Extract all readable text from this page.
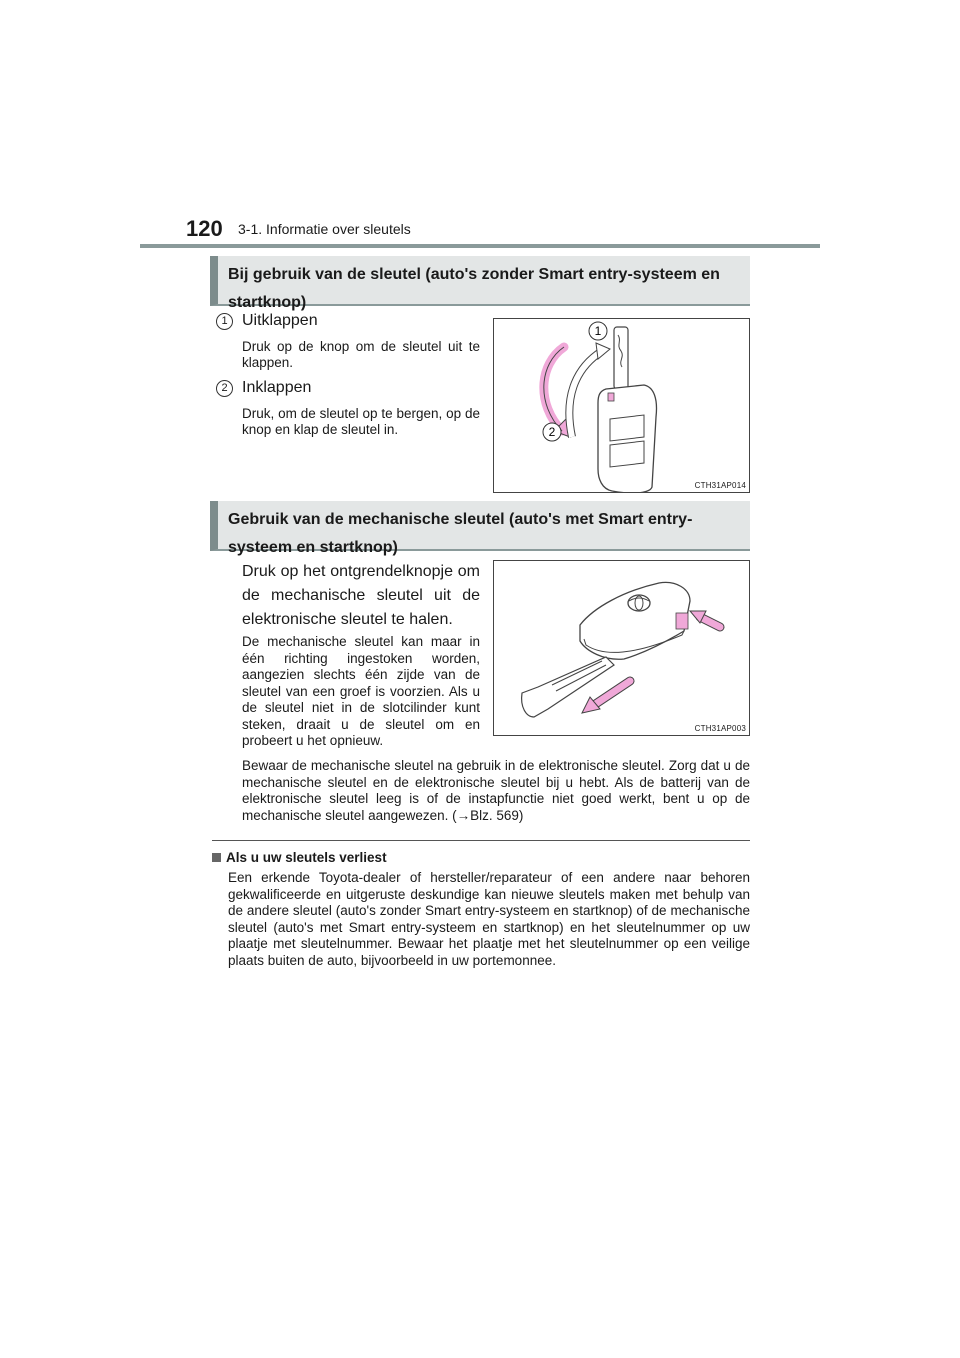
120 3-1. Informatie over sleutels
Bij gebruik van de sleutel (auto's zonder Smart entry-systeem en startknop)
1 Uitklappen
Druk op de knop om de sleutel uit te klappen.
2 Inklappen
Druk, om de sleutel op te bergen, op de knop en klap de sleutel in.
1
2
CTH31AP014
Gebruik van de mechanische sleutel (auto's met Smart entry-systeem en startknop)
Druk op het ontgrendelknopje om de mechanische sleutel uit de elektronische sleutel te halen.
De mechanische sleutel kan maar in één richting ingestoken worden, aangezien slechts één zijde van de sleutel van een groef is voorzien. Als u de sleutel niet in de slotcilinder kunt steken, draait u de sleutel om en probeert u het opnieuw.
Bewaar de mechanische sleutel na gebruik in de elektronische sleutel. Zorg dat u de mechanische sleutel en de elektronische sleutel bij u hebt. Als de batterij van de elektronische sleutel leeg is of de instapfunctie niet goed werkt, bent u op de mechanische sleutel aangewezen. (→Blz. 569)
CTH31AP003
Als u uw sleutels verliest
Een erkende Toyota-dealer of hersteller/reparateur of een andere naar behoren gekwalificeerde en uitgeruste deskundige kan nieuwe sleutels maken met behulp van de andere sleutel (auto's zonder Smart entry-systeem en startknop) of de mechanische sleutel (auto's met Smart entry-systeem en startknop) en het sleutelnummer op uw plaatje met sleutelnummer. Bewaar het plaatje met het sleutelnummer op een veilige plaats buiten de auto, bijvoorbeeld in uw portemonnee.
